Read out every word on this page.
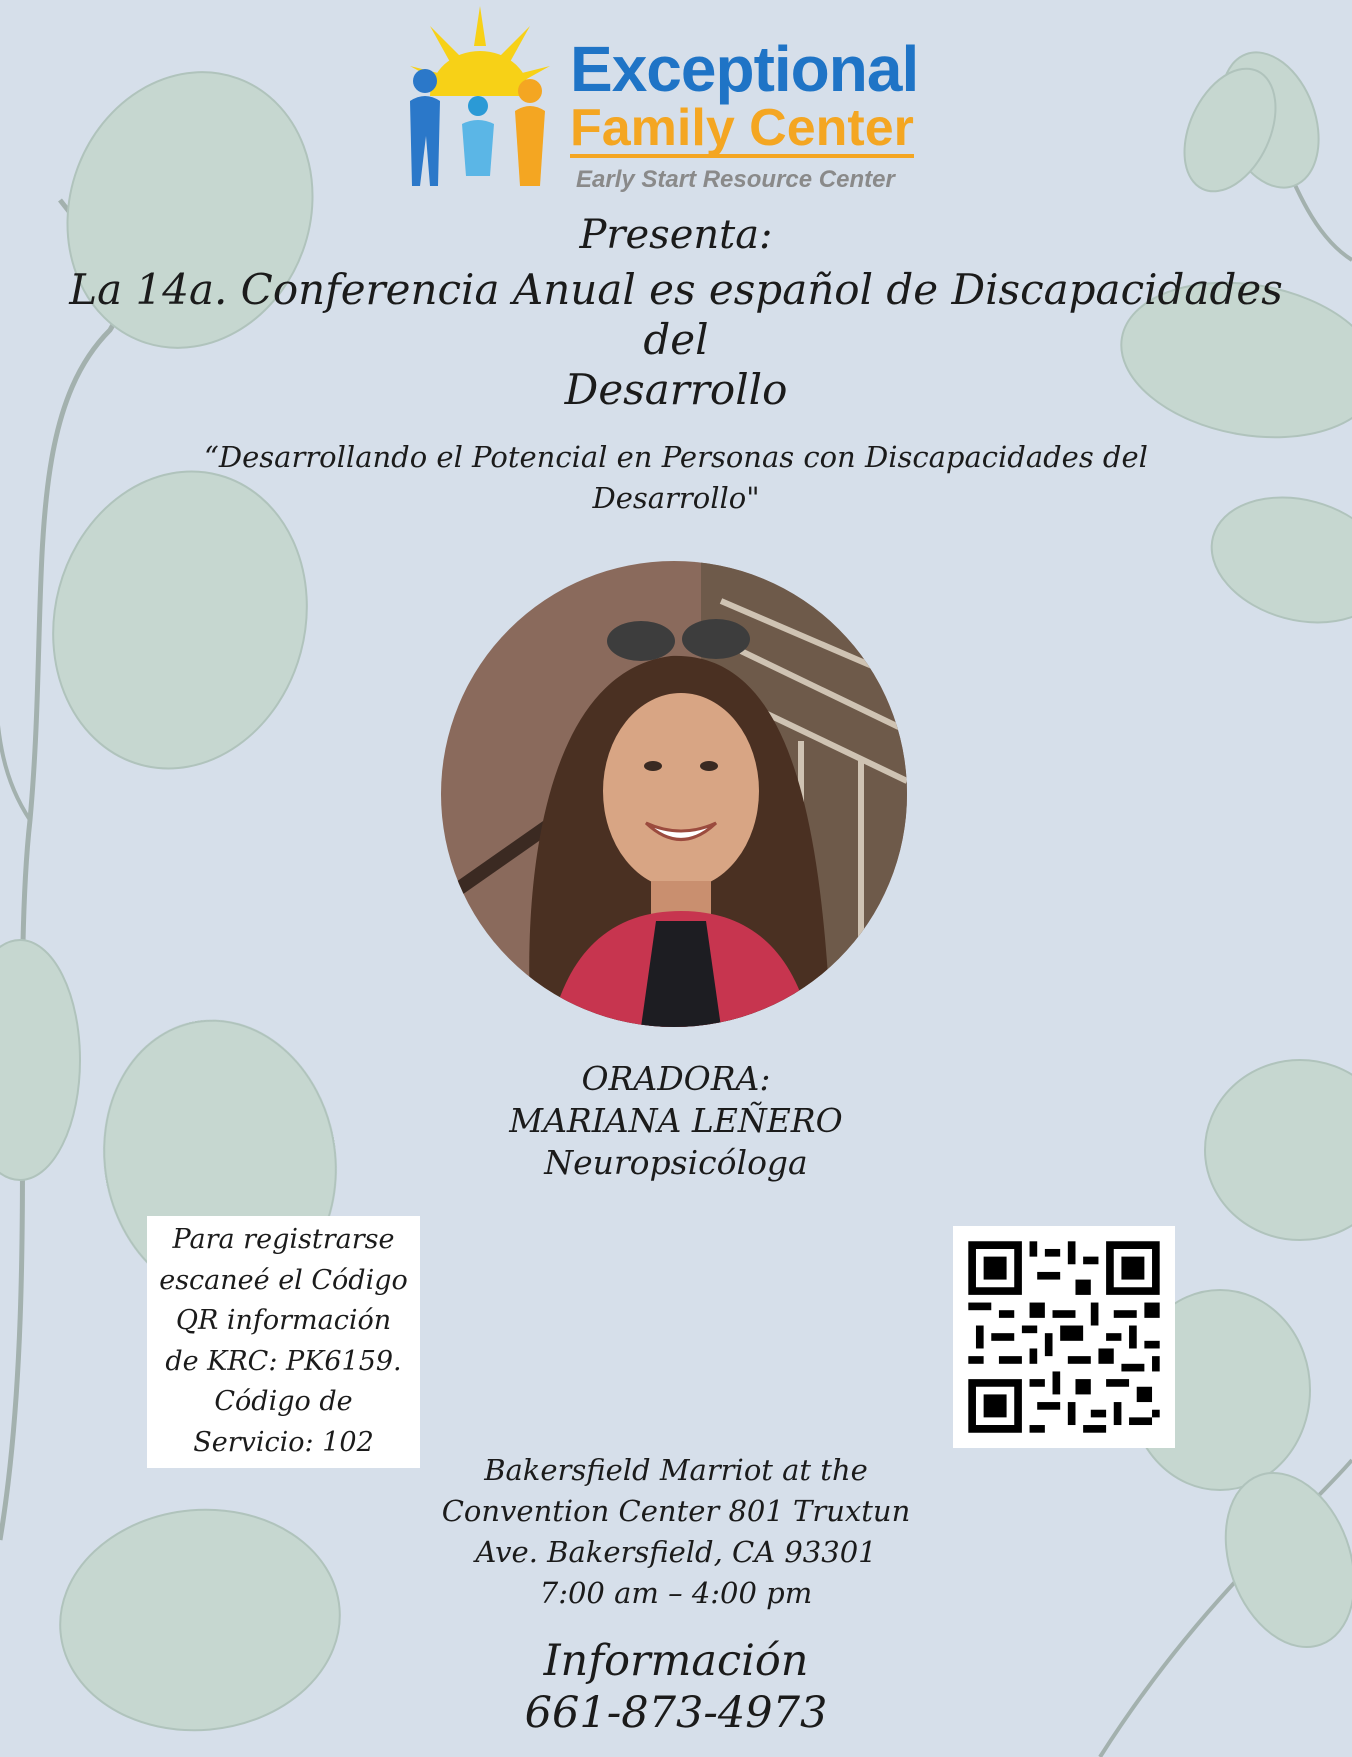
Exceptional
Family Center
Early Start Resource Center
Presenta:
La 14a. Conferencia Anual es español de Discapacidades del
Desarrollo
“Desarrollando el Potencial en Personas con Discapacidades del
Desarrollo"
ORADORA:
MARIANA LEÑERO
Neuropsicóloga
Para registrarse
escaneé el Código
QR información
de KRC: PK6159.
Código de
Servicio: 102
Bakersfield Marriot at the
Convention Center 801 Truxtun
Ave. Bakersfield, CA 93301
7:00 am – 4:00 pm
Información
661-873-4973
